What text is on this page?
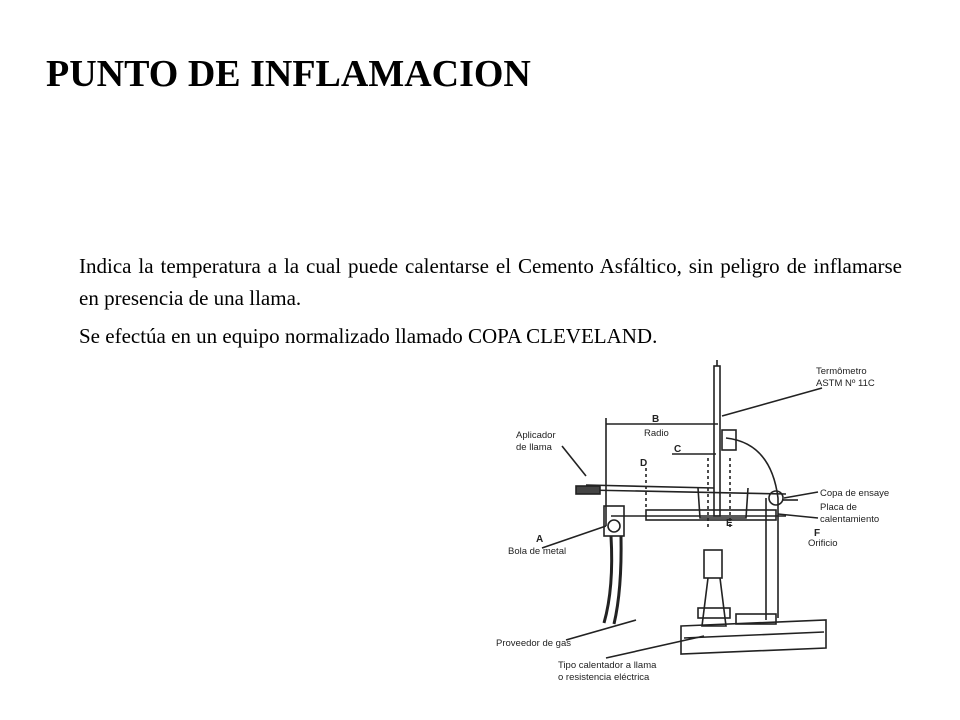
PUNTO DE INFLAMACION

Indica la temperatura a la cual puede calentarse el Cemento Asfáltico, sin peligro de inflamarse en presencia de una llama.

Se efectúa en un equipo normalizado llamado COPA CLEVELAND.

Termômetro
ASTM Nº 11C
Aplicador
de llama
Copa de ensaye
Placa de
calentamiento
Orificio
Bola de metal
Proveedor de gas
Tipo calentador a llama
o resistencia eléctrica
Radio
A
B
C
D
E
F
